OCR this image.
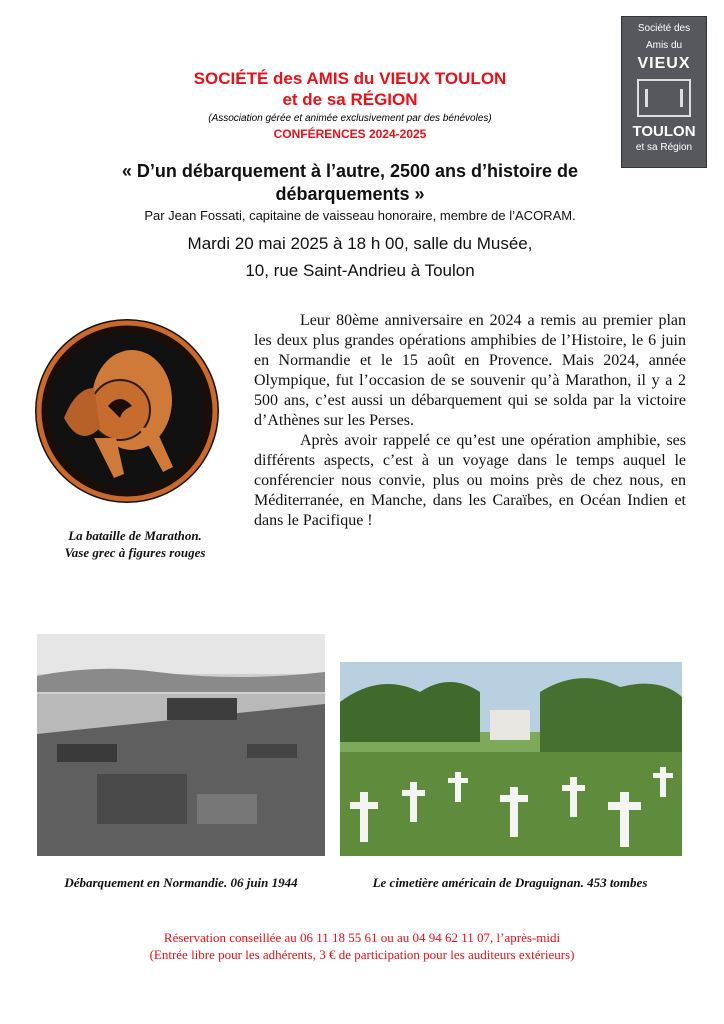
SOCIÉTÉ des AMIS du VIEUX TOULON
et de sa RÉGION
(Association gérée et animée exclusivement par des bénévoles)
CONFÉRENCES 2024-2025
Société des
Amis du
VIEUX
TOULON
et sa Région
« D’un débarquement à l’autre, 2500 ans d’histoire de
débarquements »
Par Jean Fossati, capitaine de vaisseau honoraire, membre de l’ACORAM.
Mardi 20 mai 2025 à 18 h 00, salle du Musée,
10, rue Saint-Andrieu à Toulon
La bataille de Marathon.
Vase grec à figures rouges

Leur 80ème anniversaire en 2024 a remis au premier plan les deux plus grandes opérations amphibies de l’Histoire, le 6 juin en Normandie et le 15 août en Provence. Mais 2024, année Olympique, fut l’occasion de se souvenir qu’à Marathon, il y a 2 500 ans, c’est aussi un débarquement qui se solda par la victoire d’Athènes sur les Perses.

Après avoir rappelé ce qu’est une opération amphibie, ses différents aspects, c’est à un voyage dans le temps auquel le conférencier nous convie, plus ou moins près de chez nous, en Méditerranée, en Manche, dans les Caraïbes, en Océan Indien et dans le Pacifique !

Débarquement en Normandie. 06 juin 1944	Le cimetière américain de Draguignan. 453 tombes
Réservation conseillée au 06 11 18 55 61 ou au 04 94 62 11 07, l’après-midi
(Entrée libre pour les adhérents, 3 € de participation pour les auditeurs extérieurs)
